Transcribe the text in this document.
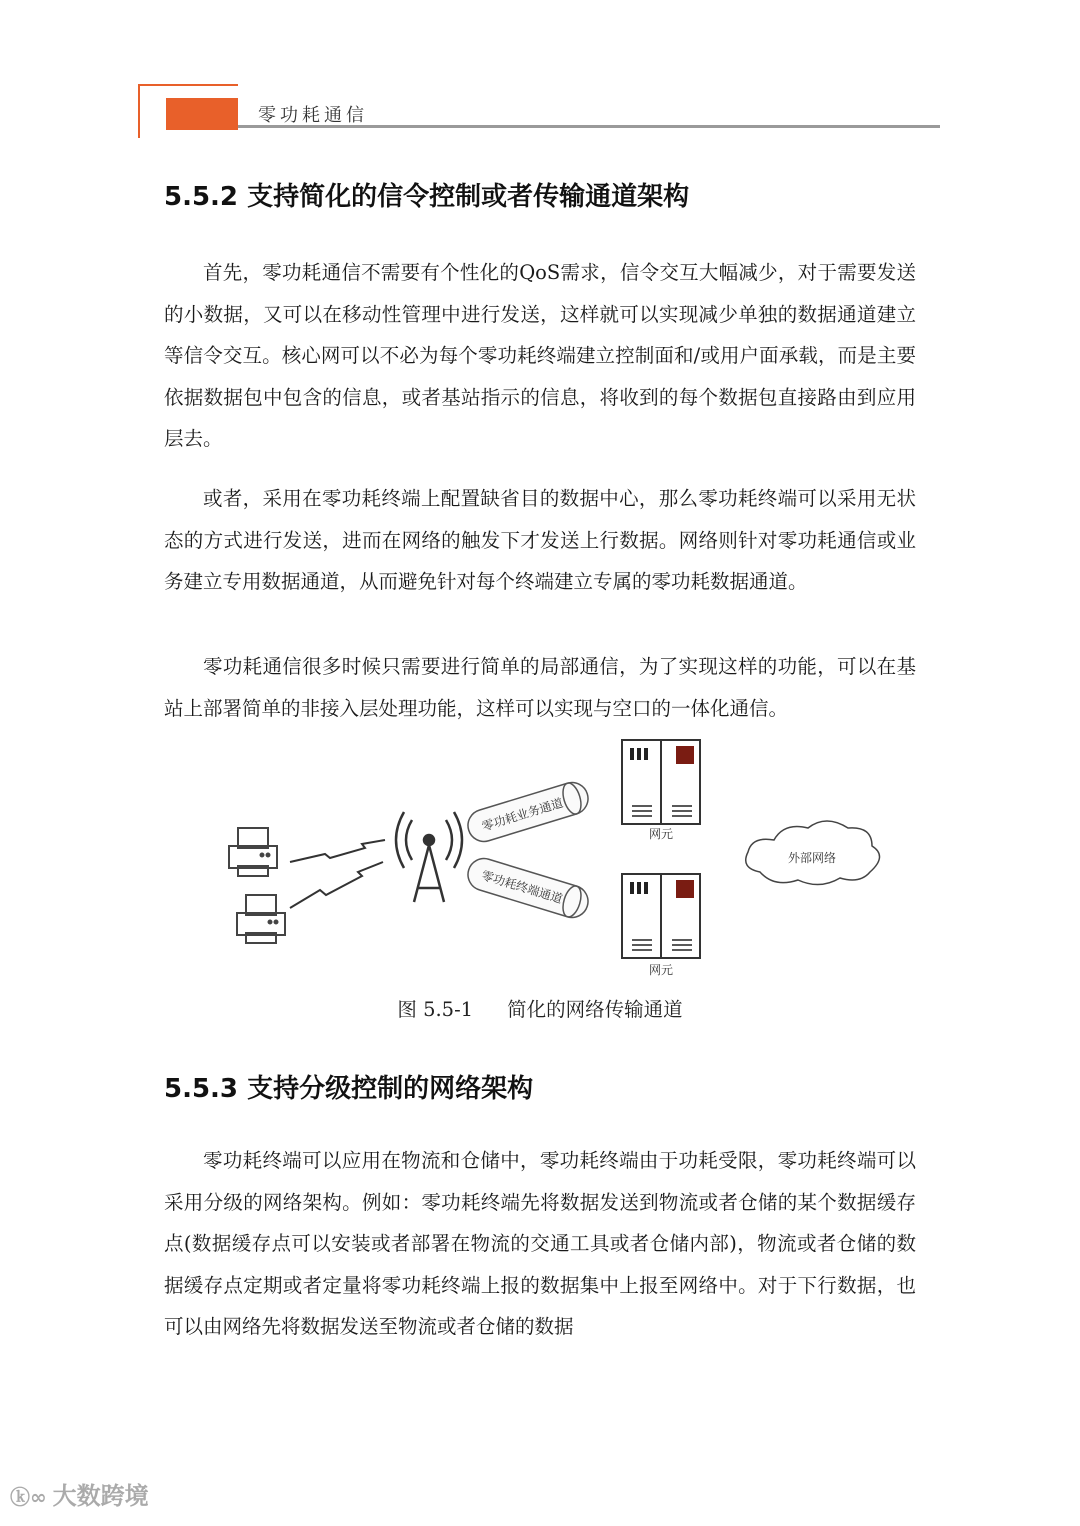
零功耗通信
5.5.2 支持简化的信令控制或者传输通道架构
首先，零功耗通信不需要有个性化的QoS需求，信令交互大幅减少，对于需要发送的小数据，又可以在移动性管理中进行发送，这样就可以实现减少单独的数据通道建立等信令交互。核心网可以不必为每个零功耗终端建立控制面和/或用户面承载，而是主要依据数据包中包含的信息，或者基站指示的信息，将收到的每个数据包直接路由到应用层去。
或者，采用在零功耗终端上配置缺省目的数据中心，那么零功耗终端可以采用无状态的方式进行发送，进而在网络的触发下才发送上行数据。网络则针对零功耗通信或业务建立专用数据通道，从而避免针对每个终端建立专属的零功耗数据通道。
零功耗通信很多时候只需要进行简单的局部通信，为了实现这样的功能，可以在基站上部署简单的非接入层处理功能，这样可以实现与空口的一体化通信。
零功耗业务通道
零功耗终端通道
网元
网元
外部网络
图 5.5-1 简化的网络传输通道
5.5.3 支持分级控制的网络架构
零功耗终端可以应用在物流和仓储中，零功耗终端由于功耗受限，零功耗终端可以采用分级的网络架构。例如：零功耗终端先将数据发送到物流或者仓储的某个数据缓存点(数据缓存点可以安装或者部署在物流的交通工具或者仓储内部)，物流或者仓储的数据缓存点定期或者定量将零功耗终端上报的数据集中上报至网络中。对于下行数据，也可以由网络先将数据发送至物流或者仓储的数据
ⓚ∞ 大数跨境
